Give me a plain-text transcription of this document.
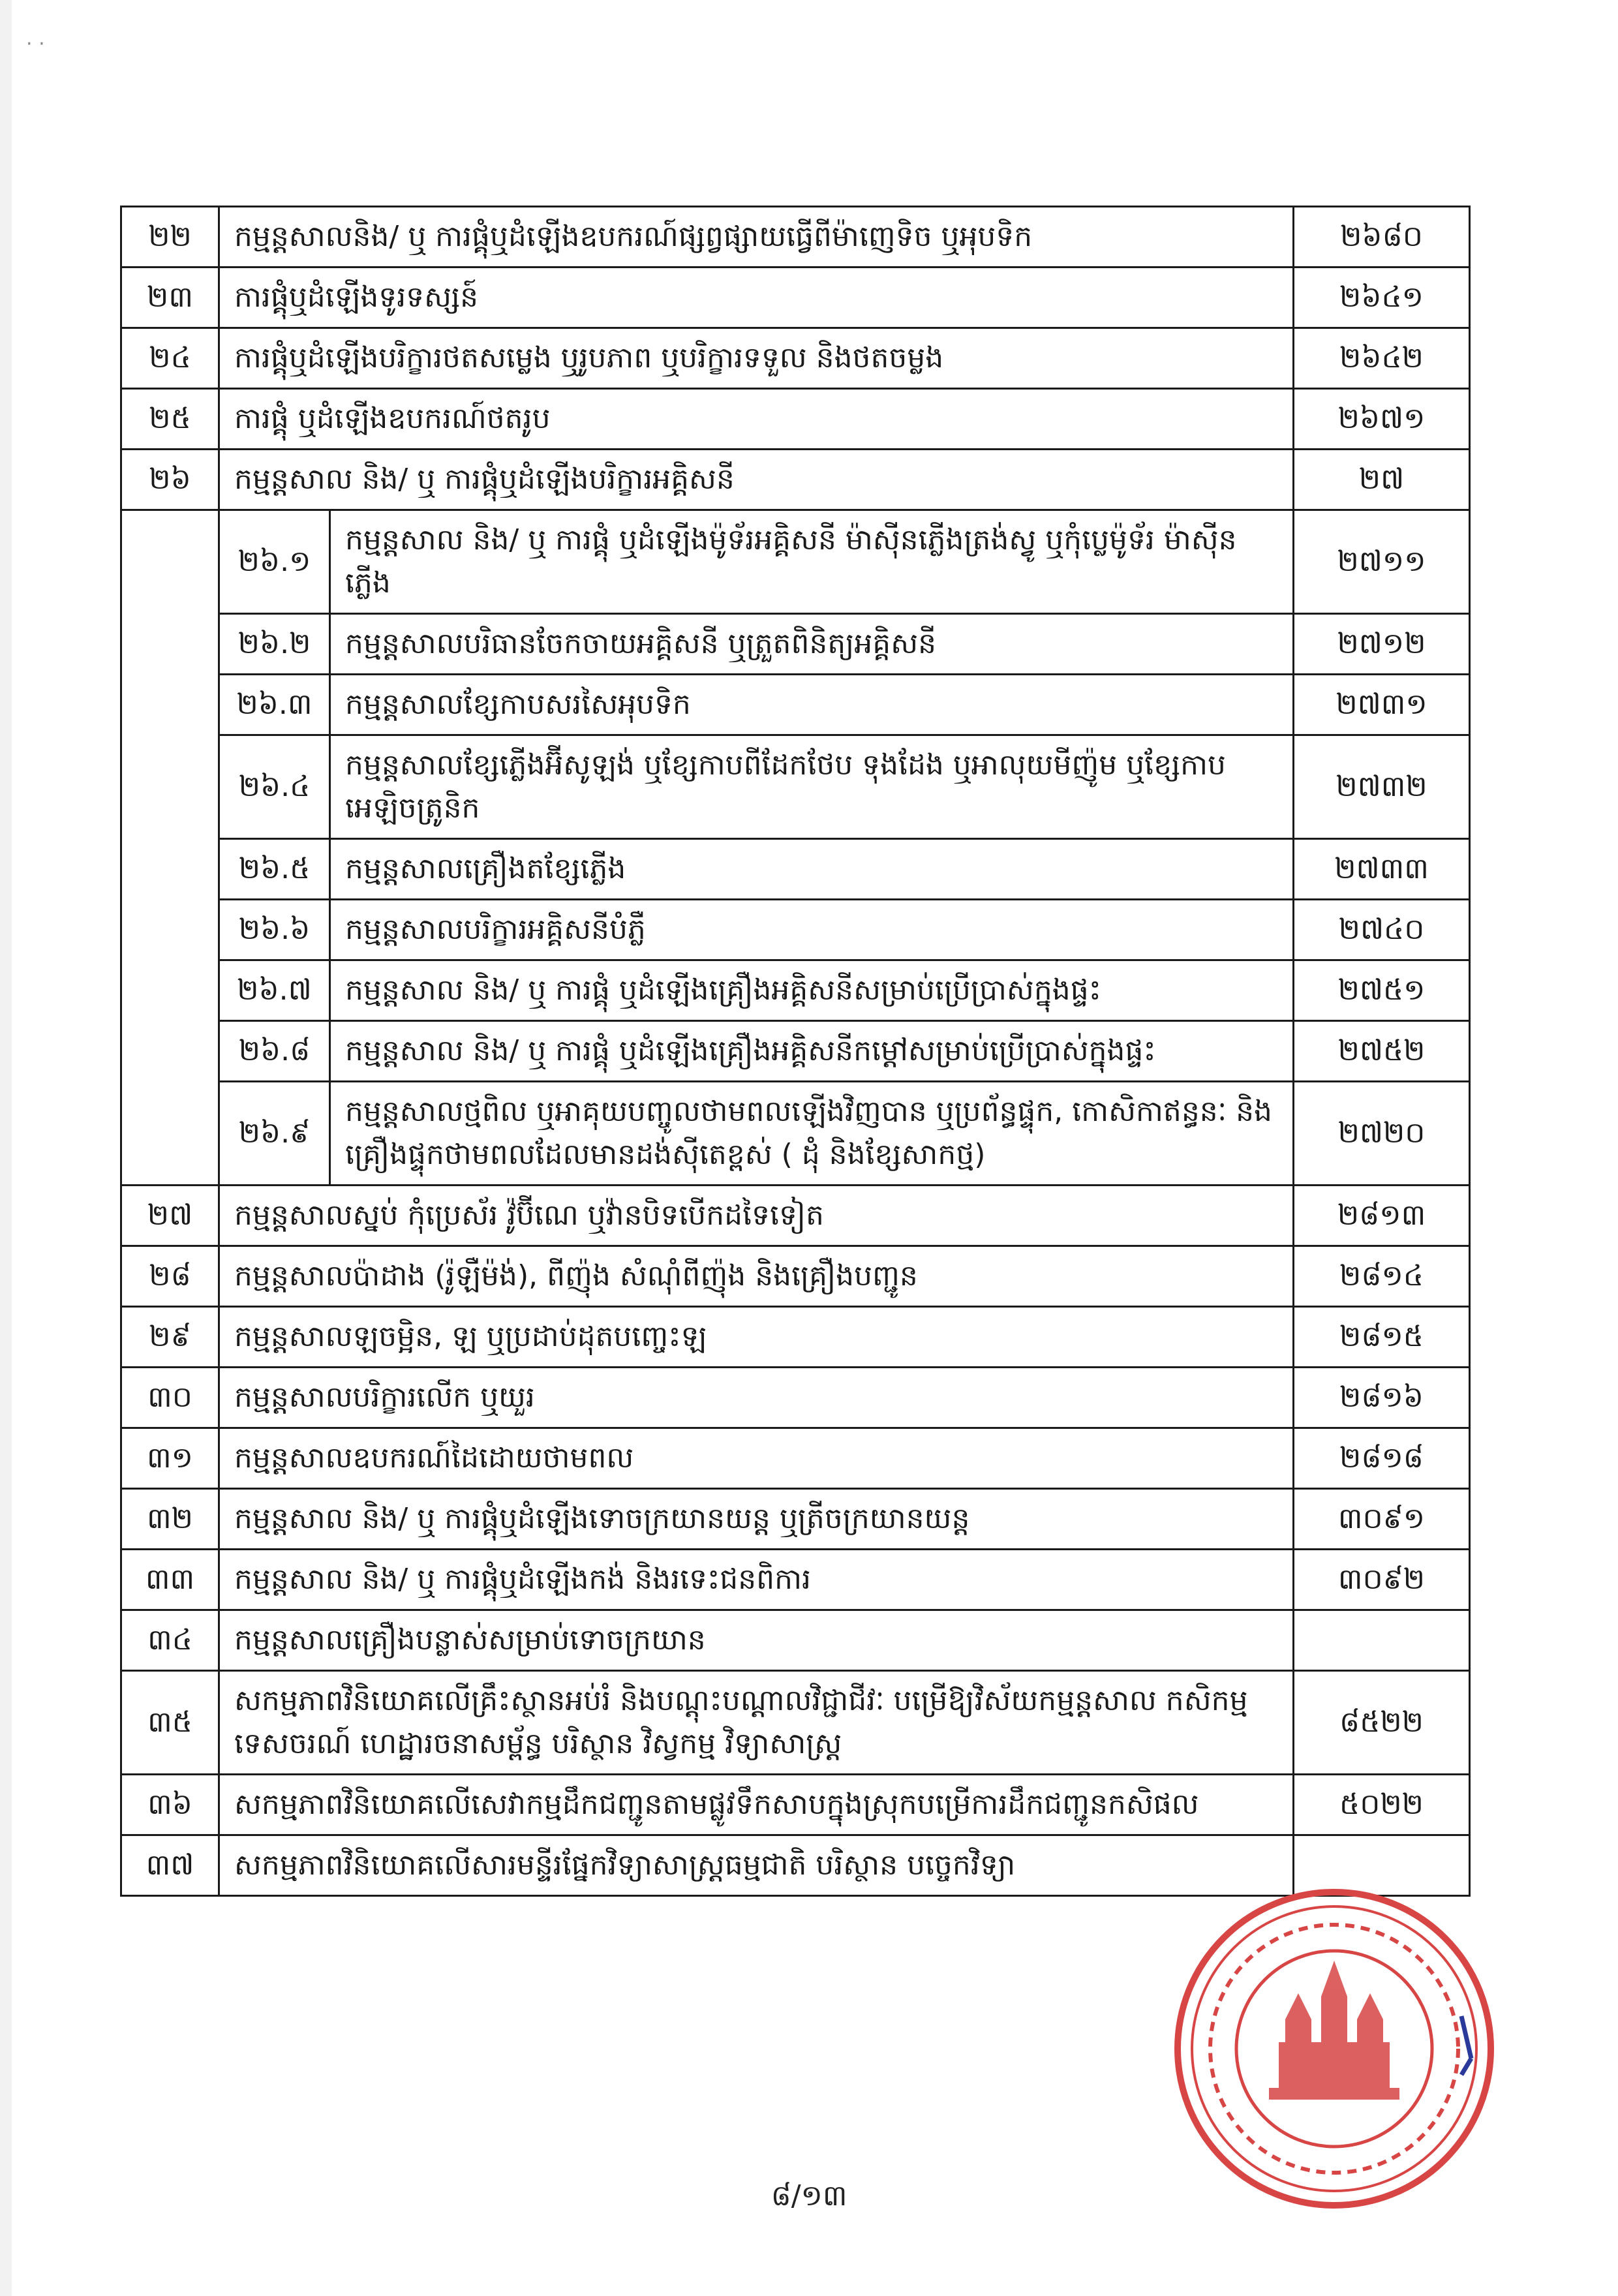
· ·
២២	កម្មន្តសាលនិង/ ឬ ការផ្គុំឬដំឡើងឧបករណ៍ផ្សព្វផ្សាយធ្វើពីម៉ាញេទិច ឬអុបទិក		២៦៨០
២៣	ការផ្គុំឬដំឡើងទូរទស្សន៍		២៦៤១
២៤	ការផ្គុំឬដំឡើងបរិក្ខារថតសម្លេង ឬរូបភាព ឬបរិក្ខារទទួល និងថតចម្លង		២៦៤២
២៥	ការផ្គុំ ឬដំឡើងឧបករណ៍ថតរូប		២៦៧១
២៦	កម្មន្តសាល និង/ ឬ ការផ្គុំឬដំឡើងបរិក្ខារអគ្គិសនី		២៧
	២៦.១	កម្មន្តសាល និង/ ឬ ការផ្គុំ ឬដំឡើងម៉ូទ័រអគ្គិសនី ម៉ាស៊ីនភ្លើងត្រង់ស្វូ ឬកុំប្លេម៉ូទ័រ ម៉ាស៊ីនភ្លើង	២៧១១
	២៦.២	កម្មន្តសាលបរិធានចែកចាយអគ្គិសនី ឬត្រួតពិនិត្យអគ្គិសនី	២៧១២
	២៦.៣	កម្មន្តសាលខ្សែកាបសរសៃអុបទិក	២៧៣១
	២៦.៤	កម្មន្តសាលខ្សែភ្លើងអ៊ីសូឡង់ ឬខ្សែកាបពីដែកថែប ទុងដែង ឬអាលុយមីញ៉ូម ឬខ្សែកាប អេឡិចត្រូនិក	២៧៣២
	២៦.៥	កម្មន្តសាលគ្រឿងតខ្សែភ្លើង	២៧៣៣
	២៦.៦	កម្មន្តសាលបរិក្ខារអគ្គិសនីបំភ្លឺ	២៧៤០
	២៦.៧	កម្មន្តសាល និង/ ឬ ការផ្គុំ ឬដំឡើងគ្រឿងអគ្គិសនីសម្រាប់ប្រើប្រាស់ក្នុងផ្ទះ	២៧៥១
	២៦.៨	កម្មន្តសាល និង/ ឬ ការផ្គុំ ឬដំឡើងគ្រឿងអគ្គិសនីកម្តៅសម្រាប់ប្រើប្រាស់ក្នុងផ្ទះ	២៧៥២
	២៦.៩	កម្មន្តសាលថ្មពិល ឬអាគុយបញ្ចូលថាមពលឡើងវិញបាន ឬប្រព័ន្ធផ្ទុក, កោសិកាឥន្ធនៈ និងគ្រឿងផ្ទុកថាមពលដែលមានដង់ស៊ីតេខ្ពស់ ( ដុំ និងខ្សែសាកថ្ម)	២៧២០
២៧	កម្មន្តសាលស្នប់ កុំប្រេស័រ វ៉ូប៊ីណេ ឬវ៉ានបិទបើកដទៃទៀត		២៨១៣
២៨	កម្មន្តសាលប៉ាដាង (រ៉ូឡឺម៉ង់), ពីញ៉ុង សំណុំពីញ៉ុង និងគ្រឿងបញ្ជូន		២៨១៤
២៩	កម្មន្តសាលឡចម្អិន, ឡ ឬប្រដាប់ដុតបញ្ចេះឡ		២៨១៥
៣០	កម្មន្តសាលបរិក្ខារលើក ឬយួរ		២៨១៦
៣១	កម្មន្តសាលឧបករណ៍ដៃដោយថាមពល		២៨១៨
៣២	កម្មន្តសាល និង/ ឬ ការផ្គុំឬដំឡើងទោចក្រយានយន្ត ឬត្រីចក្រយានយន្ត		៣០៩១
៣៣	កម្មន្តសាល និង/ ឬ ការផ្គុំឬដំឡើងកង់ និងរទេះជនពិការ		៣០៩២
៣៤	កម្មន្តសាលគ្រឿងបន្លាស់សម្រាប់ទោចក្រយាន		
៣៥	សកម្មភាពវិនិយោគលើគ្រឹះស្ថានអប់រំ និងបណ្ដុះបណ្ដាលវិជ្ជាជីវៈ បម្រើឱ្យវិស័យកម្មន្តសាល កសិកម្ម ទេសចរណ៍ ហេដ្ឋារចនាសម្ព័ន្ធ បរិស្ថាន វិស្វកម្ម វិទ្យាសាស្ត្រ		៨៥២២
៣៦	សកម្មភាពវិនិយោគលើសេវាកម្មដឹកជញ្ជូនតាមផ្លូវទឹកសាបក្នុងស្រុកបម្រើការដឹកជញ្ជូនកសិផល		៥០២២
៣៧	សកម្មភាពវិនិយោគលើសារមន្ទីរផ្នែកវិទ្យាសាស្ត្រធម្មជាតិ បរិស្ថាន បច្ចេកវិទ្យា		
៨/១៣
